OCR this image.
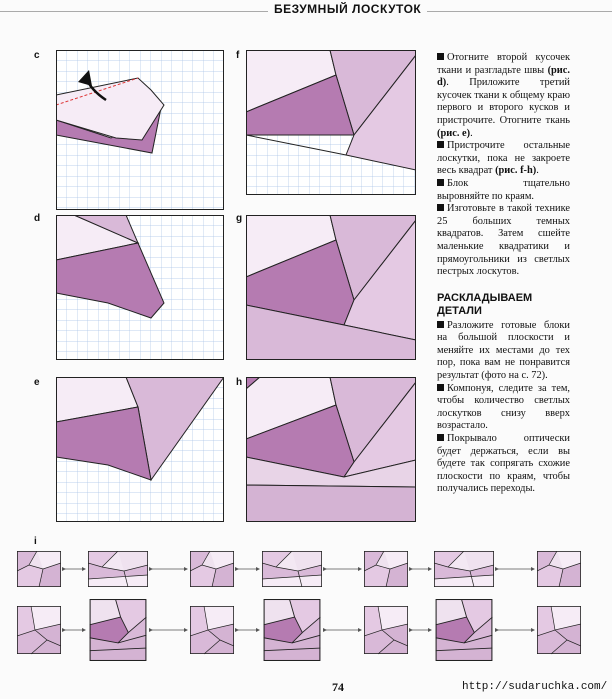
БЕЗУМНЫЙ ЛОСКУТОК
c
d
e
f
g
h

Отогните второй кусочек ткани и разгладьте швы (рис. d). Приложите третий кусочек ткани к общему краю первого и второго кусков и пристрочите. Отогните ткань (рис. e).

Пристрочите остальные лоскутки, пока не закроете весь квадрат (рис. f-h).

Блок тщательно выровняйте по краям.

Изготовьте в такой технике 25 больших темных квадратов. Затем сшейте маленькие квадратики и прямоугольники из светлых пестрых лоскутов.

РАСКЛАДЫВАЕМ ДЕТАЛИ

Разложите готовые блоки на большой плоскости и меняйте их местами до тех пор, пока вам не понравится результат (фото на с. 72).

Компонуя, следите за тем, чтобы количество светлых лоскутков снизу вверх возрастало.

Покрывало оптически будет держаться, если вы будете так сопрягать схожие плоскости по краям, чтобы получались переходы.

i
74	http://sudaruchka.com/
